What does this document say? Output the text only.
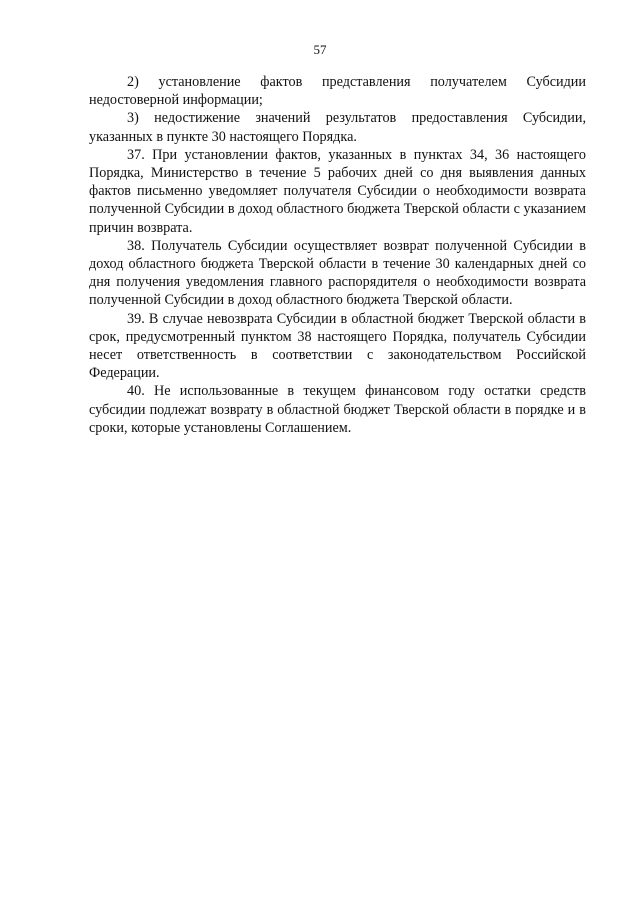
57

2) установление фактов представления получателем Субсидии недостоверной информации;

3) недостижение значений результатов предоставления Субсидии, указанных в пункте 30 настоящего Порядка.

37. При установлении фактов, указанных в пунктах 34, 36 настоящего Порядка, Министерство в течение 5 рабочих дней со дня выявления данных фактов письменно уведомляет получателя Субсидии о необходимости возврата полученной Субсидии в доход областного бюджета Тверской области с указанием причин возврата.

38. Получатель Субсидии осуществляет возврат полученной Субсидии в доход областного бюджета Тверской области в течение 30 календарных дней со дня получения уведомления главного распорядителя о необходимости возврата полученной Субсидии в доход областного бюджета Тверской области.

39. В случае невозврата Субсидии в областной бюджет Тверской области в срок, предусмотренный пунктом 38 настоящего Порядка, получатель Субсидии несет ответственность в соответствии с законодательством Российской Федерации.

40. Не использованные в текущем финансовом году остатки средств субсидии подлежат возврату в областной бюджет Тверской области в порядке и в сроки, которые установлены Соглашением.
